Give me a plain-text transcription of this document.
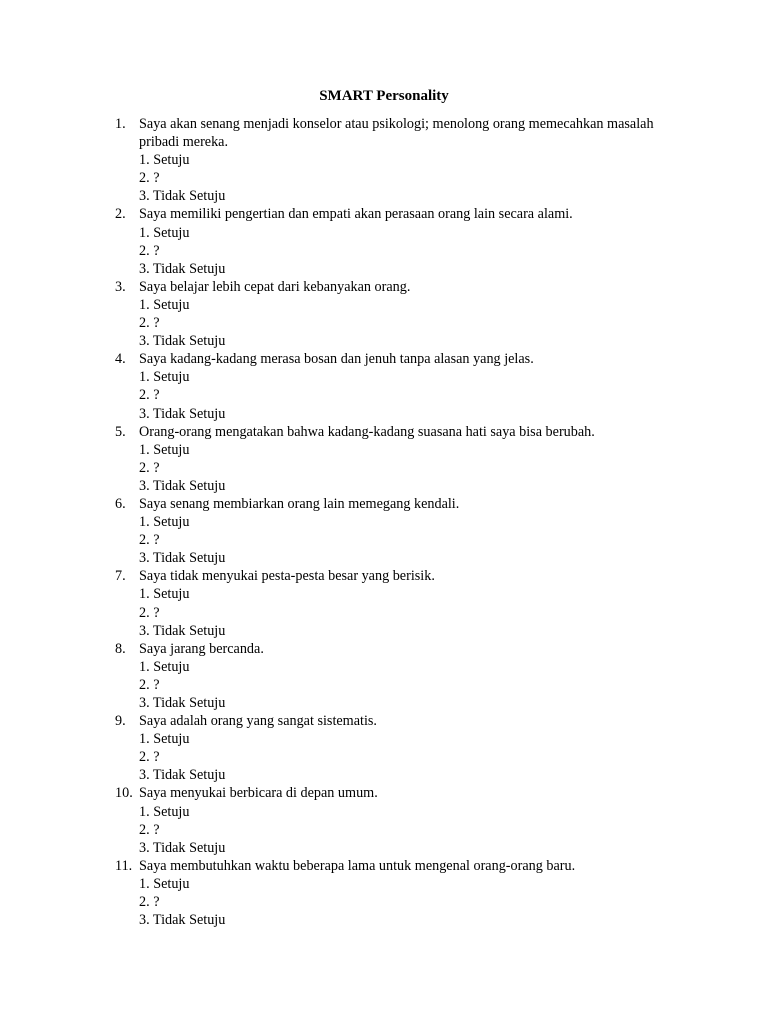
SMART Personality
1. Saya akan senang menjadi konselor atau psikologi; menolong orang memecahkan masalah pribadi mereka.
1. Setuju
2. ?
3. Tidak Setuju
2. Saya memiliki pengertian dan empati akan perasaan orang lain secara alami.
1. Setuju
2. ?
3. Tidak Setuju
3. Saya belajar lebih cepat dari kebanyakan orang.
1. Setuju
2. ?
3. Tidak Setuju
4. Saya kadang-kadang merasa bosan dan jenuh tanpa alasan yang jelas.
1. Setuju
2. ?
3. Tidak Setuju
5. Orang-orang mengatakan bahwa kadang-kadang suasana hati saya bisa berubah.
1. Setuju
2. ?
3. Tidak Setuju
6. Saya senang membiarkan orang lain memegang kendali.
1. Setuju
2. ?
3. Tidak Setuju
7. Saya tidak menyukai pesta-pesta besar yang berisik.
1. Setuju
2. ?
3. Tidak Setuju
8. Saya jarang bercanda.
1. Setuju
2. ?
3. Tidak Setuju
9. Saya adalah orang yang sangat sistematis.
1. Setuju
2. ?
3. Tidak Setuju
10. Saya menyukai berbicara di depan umum.
1. Setuju
2. ?
3. Tidak Setuju
11. Saya membutuhkan waktu beberapa lama untuk mengenal orang-orang baru.
1. Setuju
2. ?
3. Tidak Setuju
